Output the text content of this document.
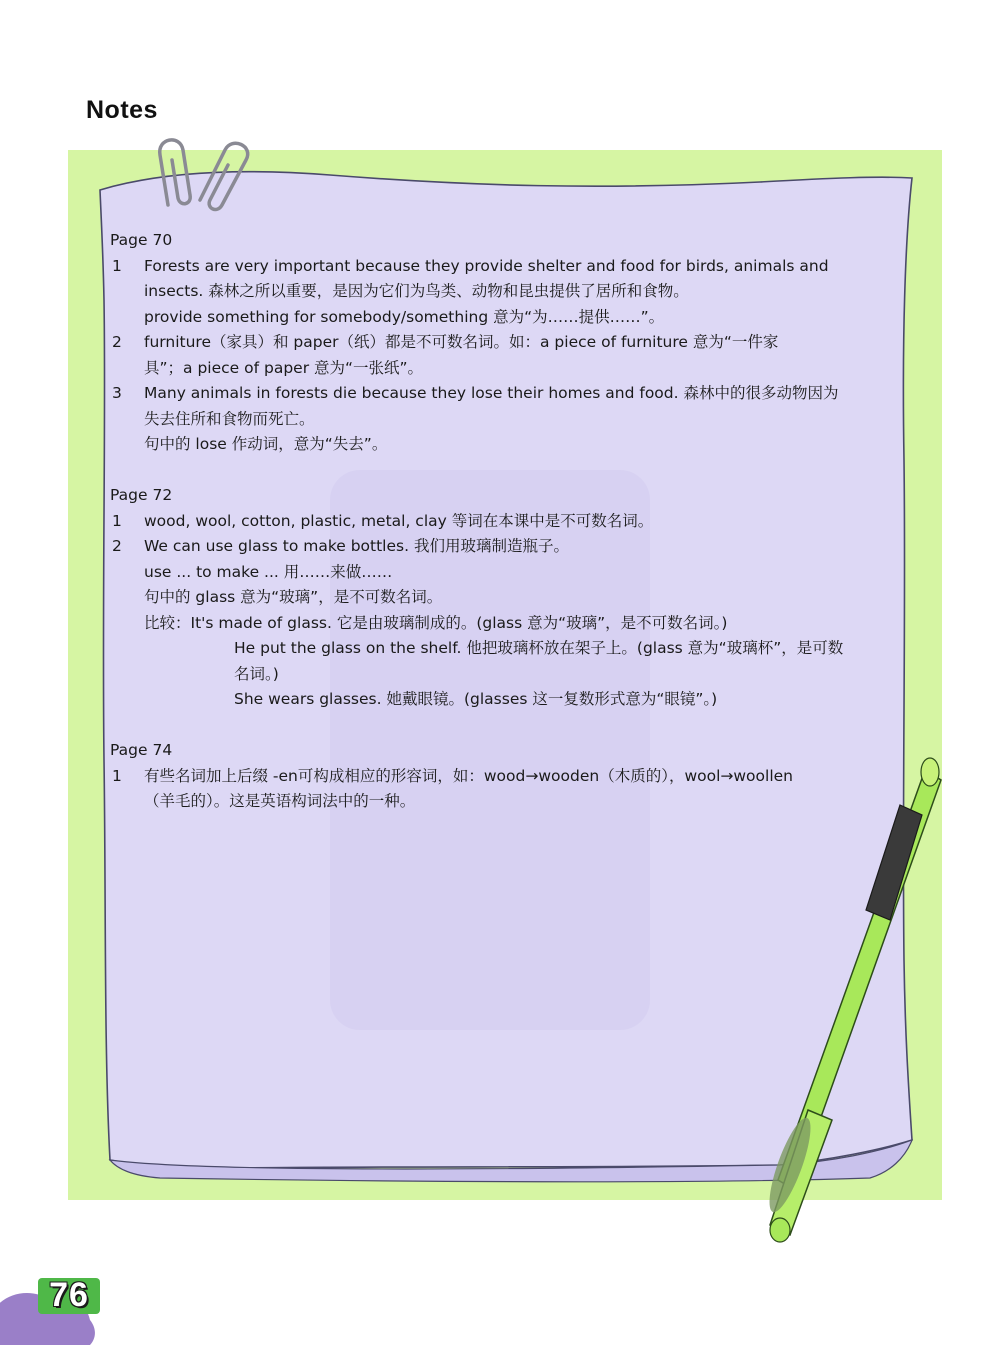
Notes
Page 70
1 Forests are very important because they provide shelter and food for birds, animals and
insects. 森林之所以重要，是因为它们为鸟类、动物和昆虫提供了居所和食物。
provide something for somebody/something 意为“为……提供……”。
2 furniture（家具）和 paper（纸）都是不可数名词。如：a piece of furniture 意为“一件家
具”；a piece of paper 意为“一张纸”。
3 Many animals in forests die because they lose their homes and food. 森林中的很多动物因为
失去住所和食物而死亡。
句中的 lose 作动词，意为“失去”。
Page 72
1 wood, wool, cotton, plastic, metal, clay 等词在本课中是不可数名词。
2 We can use glass to make bottles. 我们用玻璃制造瓶子。
use ... to make ... 用……来做……
句中的 glass 意为“玻璃”，是不可数名词。
比较：It's made of glass. 它是由玻璃制成的。(glass 意为“玻璃”，是不可数名词。)
He put the glass on the shelf. 他把玻璃杯放在架子上。(glass 意为“玻璃杯”，是可数
名词。)
She wears glasses. 她戴眼镜。(glasses 这一复数形式意为“眼镜”。)
Page 74
1 有些名词加上后缀 -en可构成相应的形容词，如：wood→wooden（木质的），wool→woollen
（羊毛的）。这是英语构词法中的一种。
76
